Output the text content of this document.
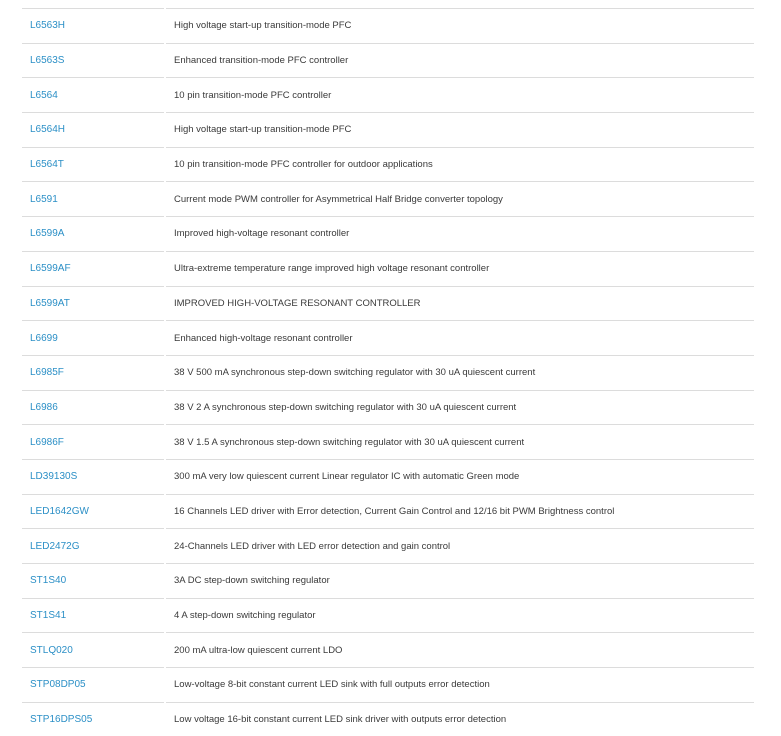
L6563H	High voltage start-up transition-mode PFC
L6563S	Enhanced transition-mode PFC controller
L6564	10 pin transition-mode PFC controller
L6564H	High voltage start-up transition-mode PFC
L6564T	10 pin transition-mode PFC controller for outdoor applications
L6591	Current mode PWM controller for Asymmetrical Half Bridge converter topology
L6599A	Improved high-voltage resonant controller
L6599AF	Ultra-extreme temperature range improved high voltage resonant controller
L6599AT	IMPROVED HIGH-VOLTAGE RESONANT CONTROLLER
L6699	Enhanced high-voltage resonant controller
L6985F	38 V 500 mA synchronous step-down switching regulator with 30 uA quiescent current
L6986	38 V 2 A synchronous step-down switching regulator with 30 uA quiescent current
L6986F	38 V 1.5 A synchronous step-down switching regulator with 30 uA quiescent current
LD39130S	300 mA very low quiescent current Linear regulator IC with automatic Green mode
LED1642GW	16 Channels LED driver with Error detection, Current Gain Control and 12/16 bit PWM Brightness control
LED2472G	24-Channels LED driver with LED error detection and gain control
ST1S40	3A DC step-down switching regulator
ST1S41	4 A step-down switching regulator
STLQ020	200 mA ultra-low quiescent current LDO
STP08DP05	Low-voltage 8-bit constant current LED sink with full outputs error detection
STP16DPS05	Low voltage 16-bit constant current LED sink driver with outputs error detection
